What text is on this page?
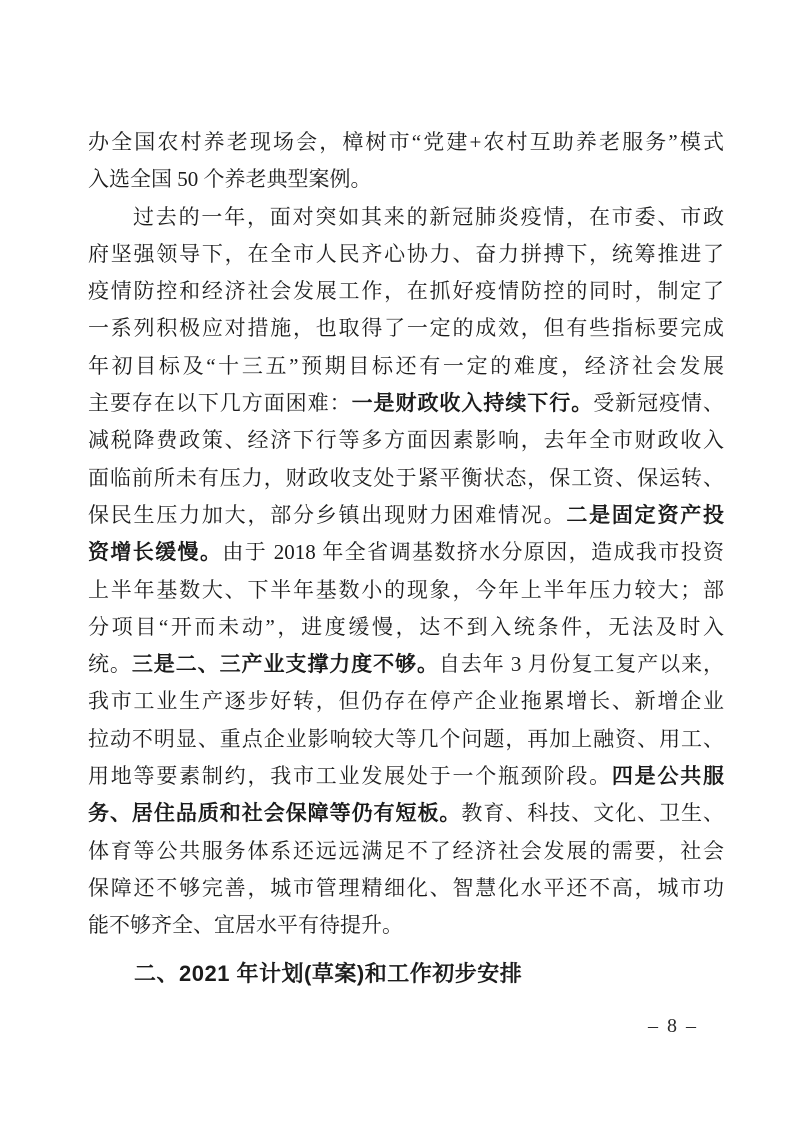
办全国农村养老现场会，樟树市“党建+农村互助养老服务”模式
入选全国 50 个养老典型案例。
过去的一年，面对突如其来的新冠肺炎疫情，在市委、市政
府坚强领导下，在全市人民齐心协力、奋力拼搏下，统筹推进了
疫情防控和经济社会发展工作，在抓好疫情防控的同时，制定了
一系列积极应对措施，也取得了一定的成效，但有些指标要完成
年初目标及“十三五”预期目标还有一定的难度，经济社会发展
主要存在以下几方面困难：一是财政收入持续下行。受新冠疫情、
减税降费政策、经济下行等多方面因素影响，去年全市财政收入
面临前所未有压力，财政收支处于紧平衡状态，保工资、保运转、
保民生压力加大，部分乡镇出现财力困难情况。二是固定资产投
资增长缓慢。由于 2018 年全省调基数挤水分原因，造成我市投资
上半年基数大、下半年基数小的现象，今年上半年压力较大；部
分项目“开而未动”，进度缓慢，达不到入统条件，无法及时入
统。三是二、三产业支撑力度不够。自去年 3 月份复工复产以来，
我市工业生产逐步好转，但仍存在停产企业拖累增长、新增企业
拉动不明显、重点企业影响较大等几个问题，再加上融资、用工、
用地等要素制约，我市工业发展处于一个瓶颈阶段。四是公共服
务、居住品质和社会保障等仍有短板。教育、科技、文化、卫生、
体育等公共服务体系还远远满足不了经济社会发展的需要，社会
保障还不够完善，城市管理精细化、智慧化水平还不高，城市功
能不够齐全、宜居水平有待提升。
二、2021 年计划(草案)和工作初步安排
– 8 –
